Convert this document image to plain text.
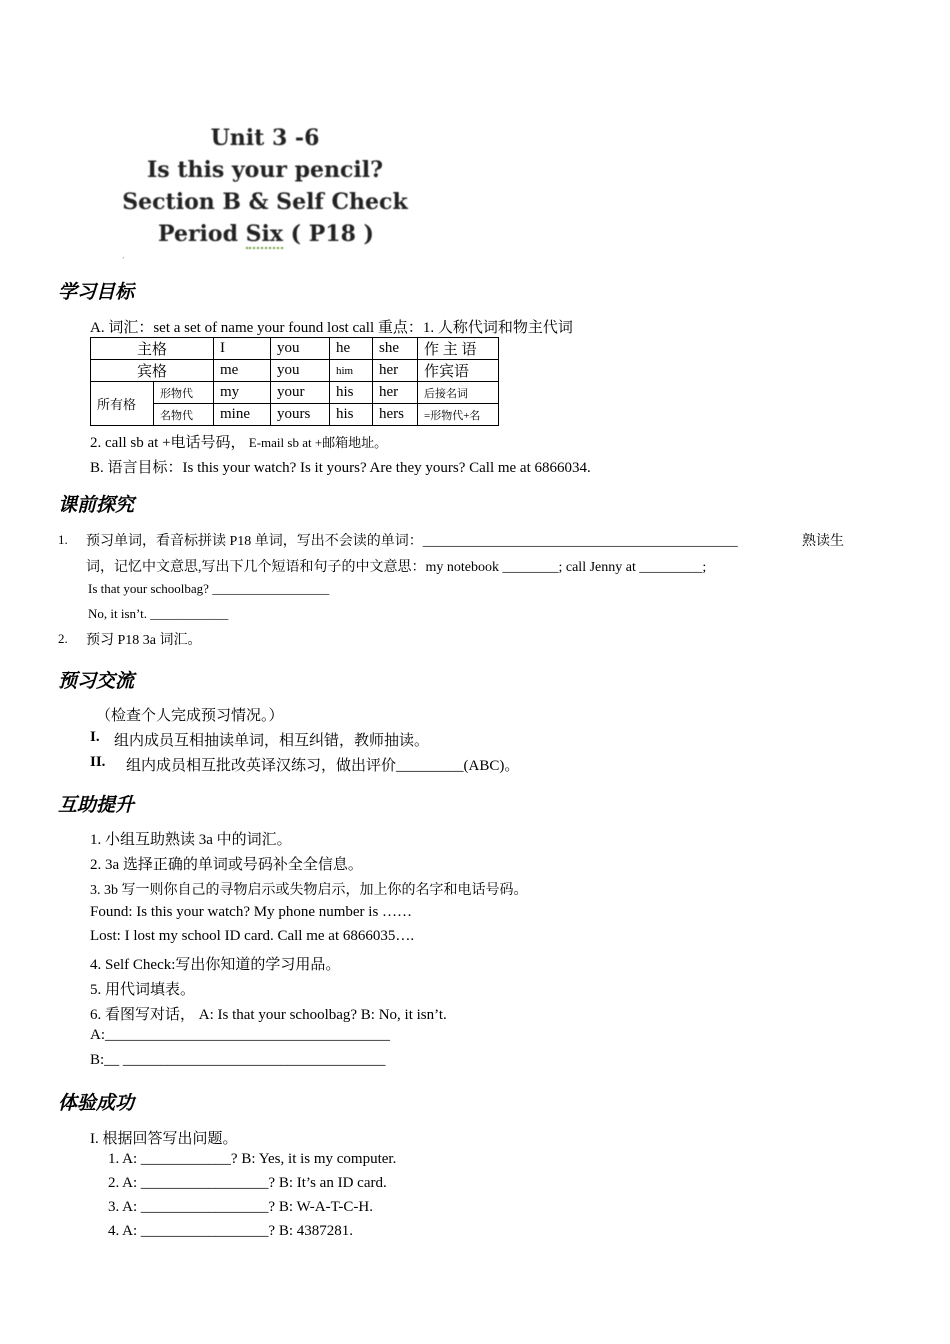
Unit 3 -6
Is this your pencil?
Section B & Self Check
Period Six ( P18 )
´
学习目标
A. 词汇：set a set of name your found lost call 重点：1. 人称代词和物主代词
主格		I	you	he	she	作 主 语
宾格		me	you	him	her	作宾语
所有格	形物代	my	your	his	her	后接名词
	名物代	mine	yours	his	hers	=形物代+名
2. call sb at +电话号码， E-mail sb at +邮箱地址。
B. 语言目标：Is this your watch? Is it yours? Are they yours? Call me at 6866034.
课前探究
1. 预习单词，看音标拼读 P18 单词，写出不会读的单词：_____________________________________________	熟读生
词，记忆中文意思,写出下几个短语和句子的中文意思：my notebook ________; call Jenny at _________;
Is that your schoolbag? __________________
No, it isn’t. ____________
2. 预习 P18 3a 词汇。
预习交流
（检查个人完成预习情况。）
I. 组内成员互相抽读单词，相互纠错，教师抽读。
II. 组内成员相互批改英译汉练习，做出评价_________(ABC)。
互助提升
1. 小组互助熟读 3a 中的词汇。
2. 3a 选择正确的单词或号码补全全信息。
3. 3b 写一则你自己的寻物启示或失物启示，加上你的名字和电话号码。
Found: Is this your watch? My phone number is ……
Lost: I lost my school ID card. Call me at 6866035….
4. Self Check:写出你知道的学习用品。
5. 用代词填表。
6. 看图写对话， A: Is that your schoolbag? B: No, it isn’t.
A:______________________________________
B:__ ___________________________________
体验成功
I. 根据回答写出问题。
1. A: ____________? B: Yes, it is my computer.
2. A: _________________? B: It’s an ID card.
3. A: _________________? B: W-A-T-C-H.
4. A: _________________? B: 4387281.
